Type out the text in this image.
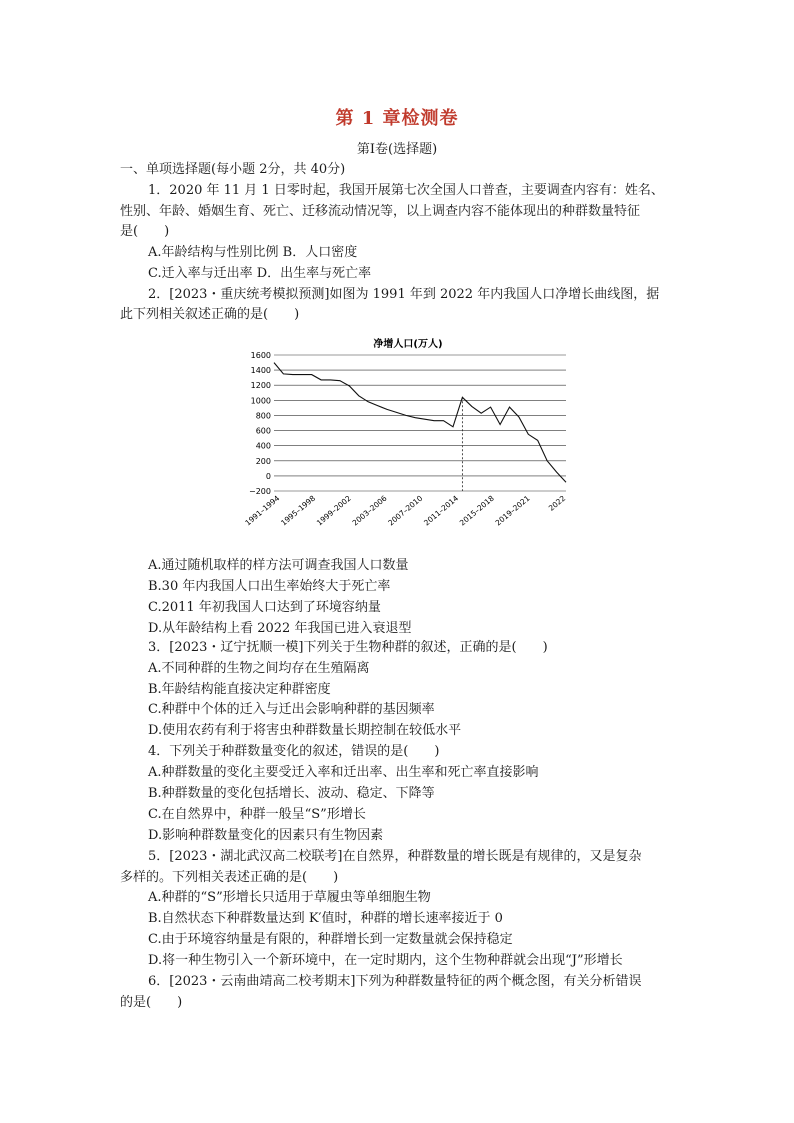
第 1 章检测卷
第Ⅰ卷(选择题)
一、单项选择题(每小题 2分，共 40分)
1．2020 年 11 月 1 日零时起，我国开展第七次全国人口普查，主要调查内容有：姓名、
性别、年龄、婚姻生育、死亡、迁移流动情况等，以上调查内容不能体现出的种群数量特征
是(　　)
A.年龄结构与性别比例 B．人口密度
C.迁入率与迁出率 D．出生率与死亡率
2．[2023・重庆统考模拟预测]如图为 1991 年到 2022 年内我国人口净增长曲线图，据
此下列相关叙述正确的是(　　)
净增人口(万人)
1600
1400
1200
1000
800
600
400
200
0
−200
1991–1994
1995–1998
1999–2002
2003–2006
2007–2010
2011–2014
2015–2018
2019–2021 2022
A.通过随机取样的样方法可调查我国人口数量
B.30 年内我国人口出生率始终大于死亡率
C.2011 年初我国人口达到了环境容纳量
D.从年龄结构上看 2022 年我国已进入衰退型
3．[2023・辽宁抚顺一模]下列关于生物种群的叙述，正确的是(　　)
A.不同种群的生物之间均存在生殖隔离
B.年龄结构能直接决定种群密度
C.种群中个体的迁入与迁出会影响种群的基因频率
D.使用农药有利于将害虫种群数量长期控制在较低水平
4．下列关于种群数量变化的叙述，错误的是(　　)
A.种群数量的变化主要受迁入率和迁出率、出生率和死亡率直接影响
B.种群数量的变化包括增长、波动、稳定、下降等
C.在自然界中，种群一般呈“S”形增长
D.影响种群数量变化的因素只有生物因素
5．[2023・湖北武汉高二校联考]在自然界，种群数量的增长既是有规律的，又是复杂
多样的。下列相关表述正确的是(　　)
A.种群的“S”形增长只适用于草履虫等单细胞生物
B.自然状态下种群数量达到 K′值时，种群的增长速率接近于 0
C.由于环境容纳量是有限的，种群增长到一定数量就会保持稳定
D.将一种生物引入一个新环境中，在一定时期内，这个生物种群就会出现“J”形增长
6．[2023・云南曲靖高二校考期末]下列为种群数量特征的两个概念图，有关分析错误
的是(　　)
